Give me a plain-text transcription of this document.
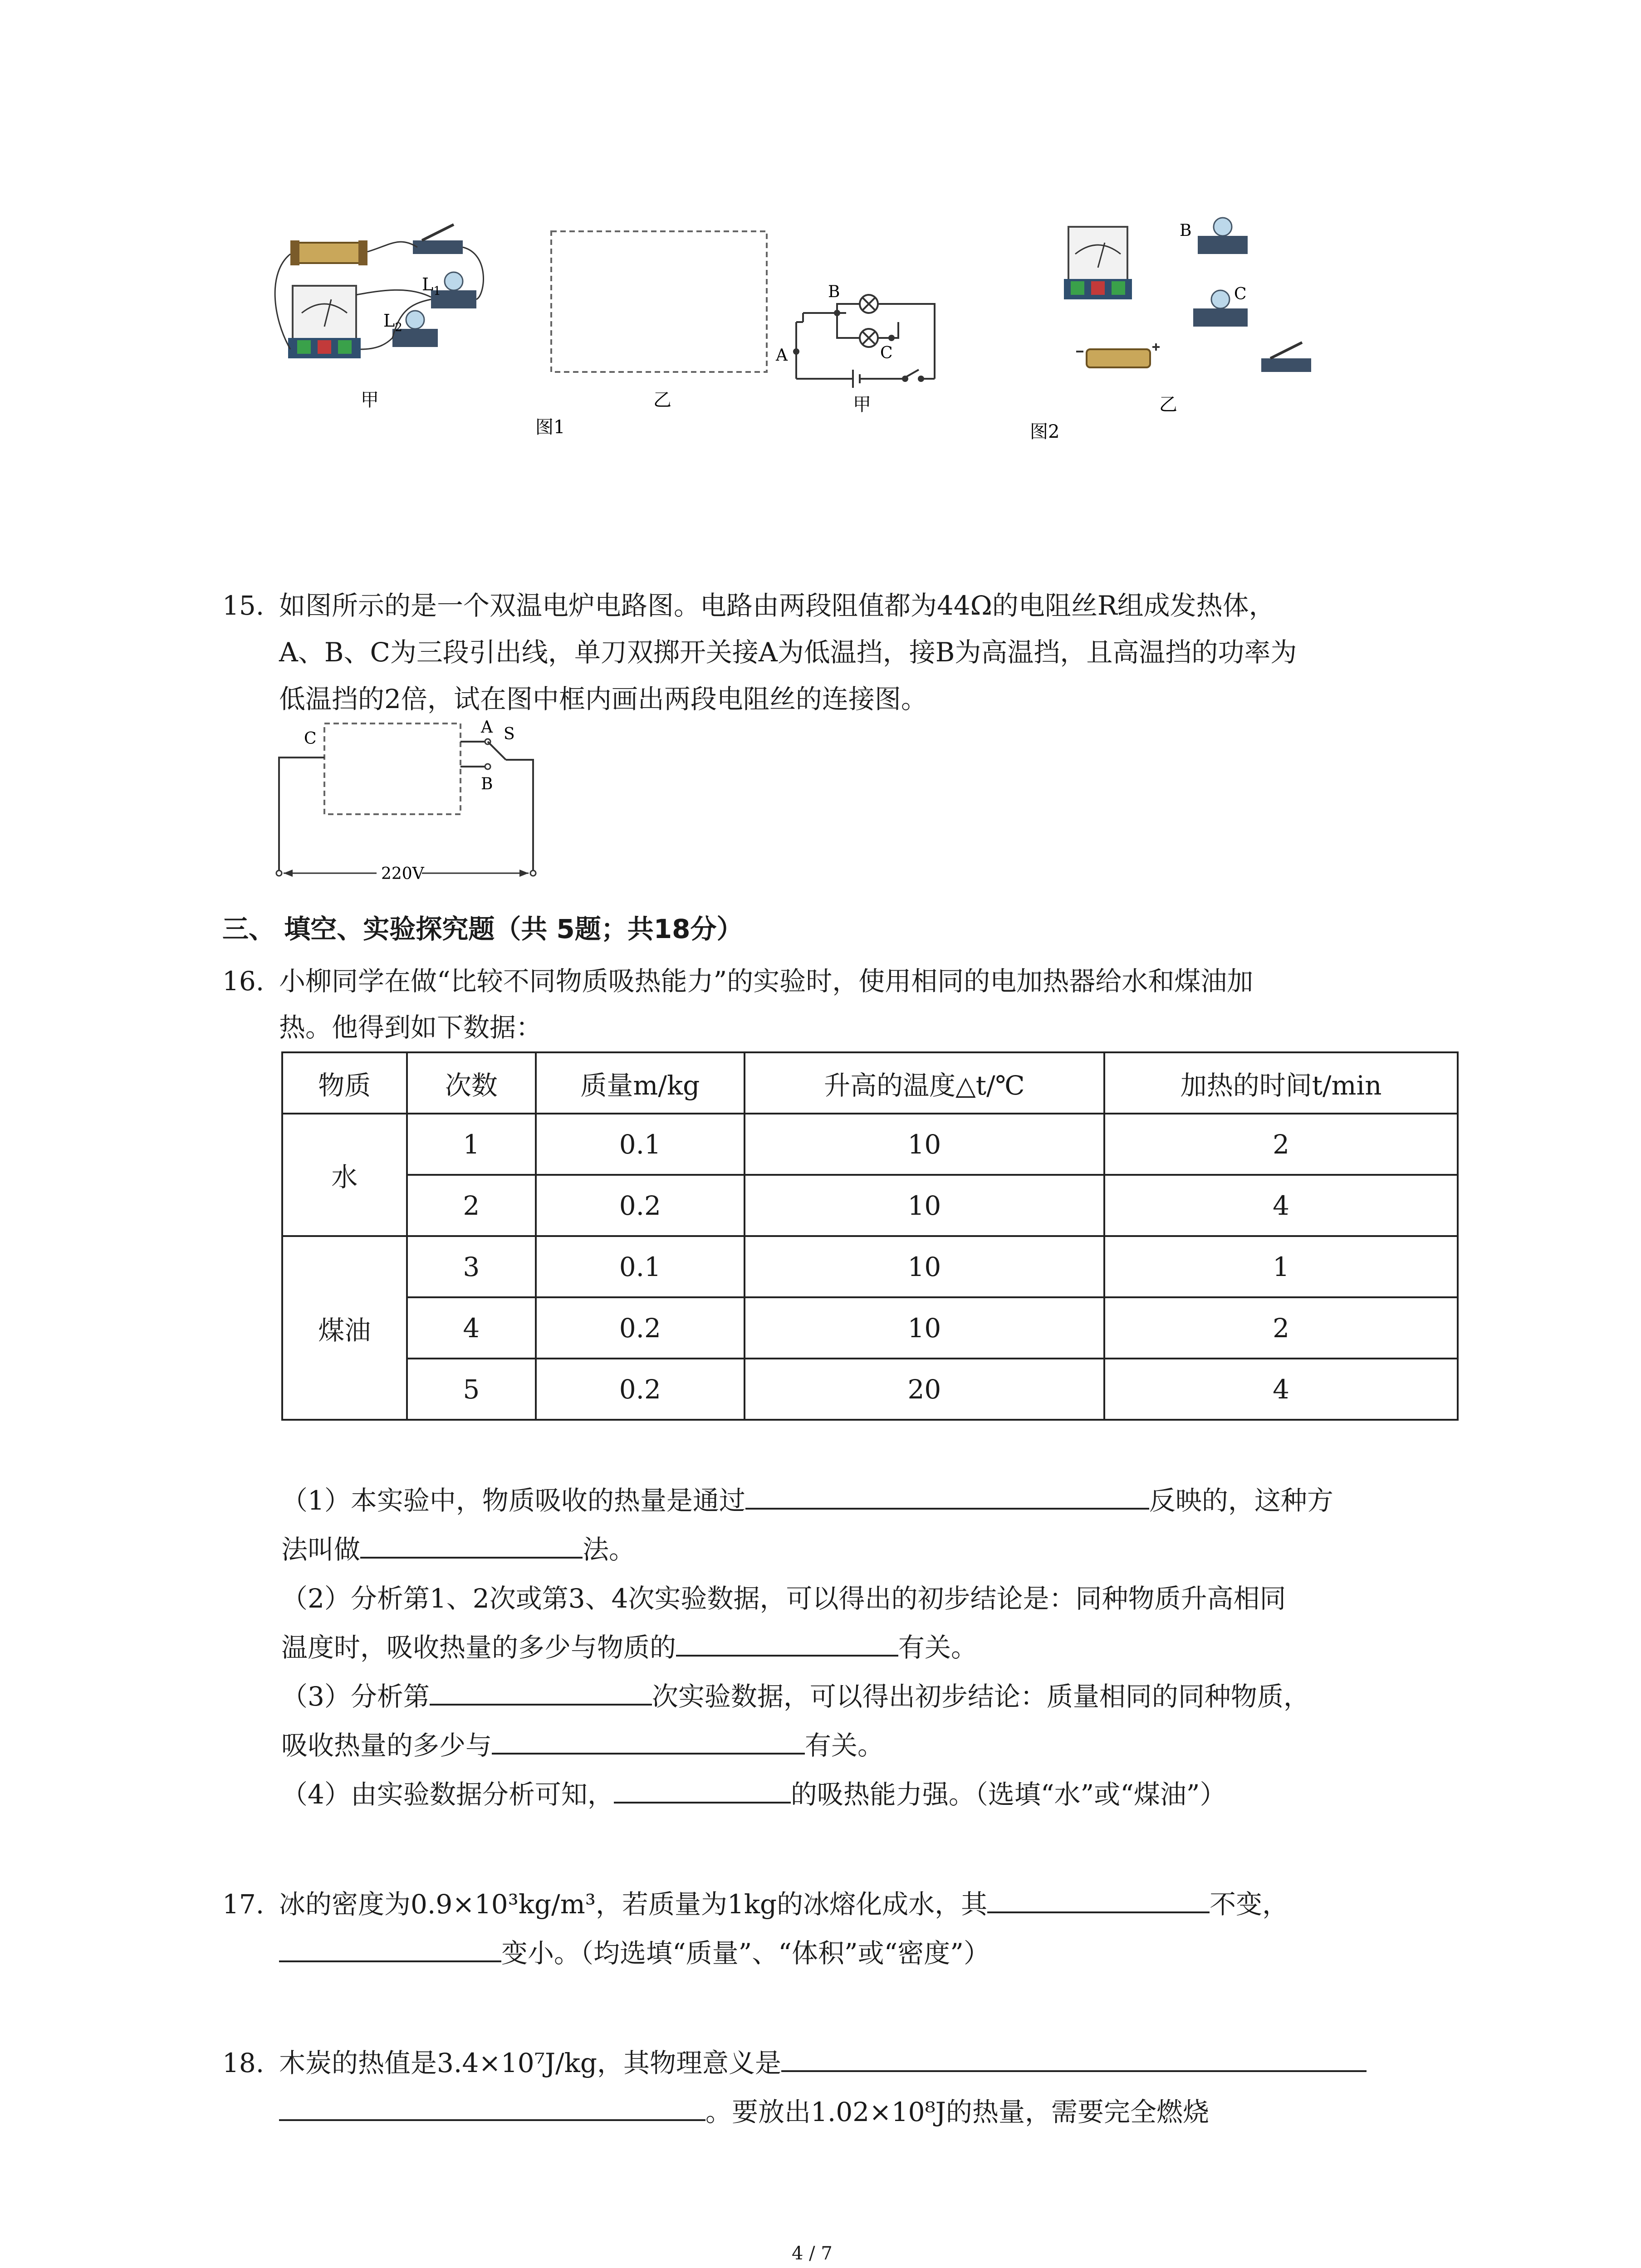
$L_1$
$L_2$
甲	乙
图1
A
B
C
甲
B
C
乙
图2
15. 如图所示的是一个双温电炉电路图。电路由两段阻值都为44Ω的电阻丝R组成发热体，
A、B、C为三段引出线，单刀双掷开关接A为低温挡，接B为高温挡，且高温挡的功率为
低温挡的2倍，试在图中框内画出两段电阻丝的连接图。
C
A S
B
220V
三、 填空、实验探究题（共 5题；共18分）
16. 小柳同学在做“比较不同物质吸热能力”的实验时，使用相同的电加热器给水和煤油加
热。他得到如下数据：
物质	次数	质量m/kg	升高的温度△t/℃	加热的时间t/min
水	1	0.1	10	2
	2	0.2	10	4
煤油	3	0.1	10	1
	4	0.2	10	2
	5	0.2	20	4
（1）本实验中，物质吸收的热量是通过	反映的，这种方
法叫做	法。
（2）分析第1、2次或第3、4次实验数据，可以得出的初步结论是：同种物质升高相同
温度时，吸收热量的多少与物质的	有关。
（3）分析第	次实验数据，可以得出初步结论：质量相同的同种物质，
吸收热量的多少与	有关。
（4）由实验数据分析可知，	的吸热能力强。（选填“水”或“煤油”）
17. 冰的密度为0.9×10³kg/m³，若质量为1kg的冰熔化成水，其	不变，
变小。（均选填“质量”、“体积”或“密度”）
18. 木炭的热值是3.4×10⁷J/kg，其物理意义是
。要放出1.02×10⁸J的热量，需要完全燃烧
4 / 7
